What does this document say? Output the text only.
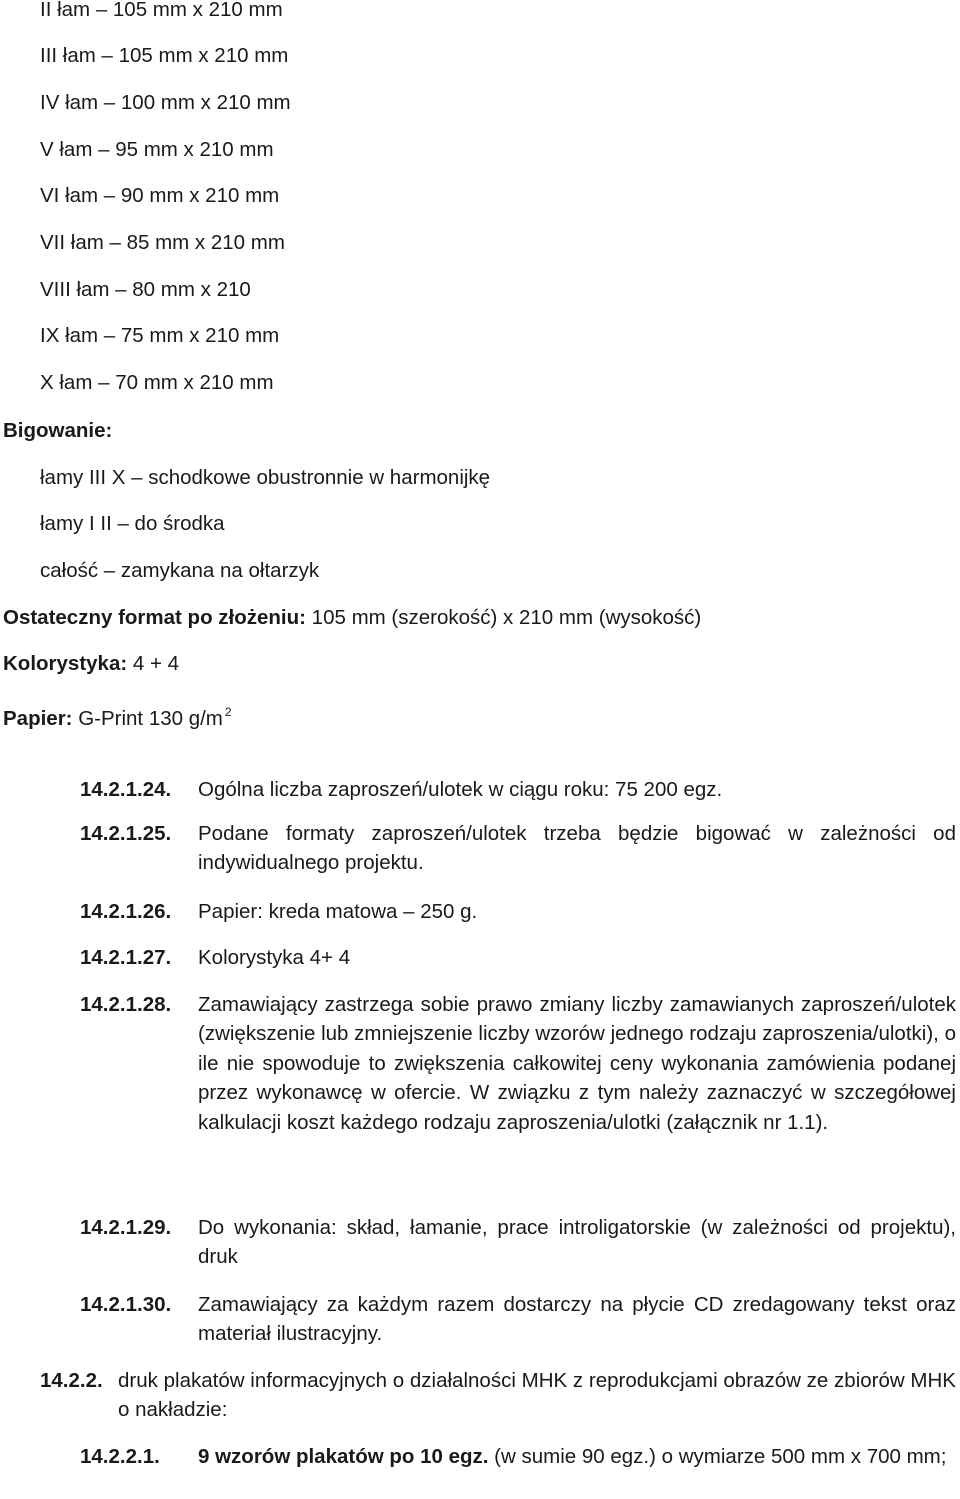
II łam – 105 mm x 210 mm
III łam – 105 mm x 210 mm
IV łam – 100 mm x 210 mm
V łam – 95 mm x 210 mm
VI łam – 90 mm x 210 mm
VII łam – 85 mm x 210 mm
VIII łam – 80 mm x 210
IX łam – 75 mm x 210 mm
X łam – 70 mm x 210 mm
Bigowanie:
łamy III X – schodkowe obustronnie w harmonijkę
łamy I II – do środka
całość – zamykana na ołtarzyk
Ostateczny format po złożeniu: 105 mm (szerokość) x 210 mm (wysokość)
Kolorystyka: 4 + 4
Papier: G-Print 130 g/m $^2$
14.2.1.24. Ogólna liczba zaproszeń/ulotek w ciągu roku: 75 200 egz.
14.2.1.25. Podane formaty zaproszeń/ulotek trzeba będzie bigować w zależności od indywidualnego projektu.
14.2.1.26. Papier: kreda matowa – 250 g.
14.2.1.27. Kolorystyka 4+ 4
14.2.1.28. Zamawiający zastrzega sobie prawo zmiany liczby zamawianych zaproszeń/ulotek (zwiększenie lub zmniejszenie liczby wzorów jednego rodzaju zaproszenia/ulotki), o ile nie spowoduje to zwiększenia całkowitej ceny wykonania zamówienia podanej przez wykonawcę w ofercie. W związku z tym należy zaznaczyć w szczegółowej kalkulacji koszt każdego rodzaju zaproszenia/ulotki (załącznik nr 1.1).
14.2.1.29. Do wykonania: skład, łamanie, prace introligatorskie (w zależności od projektu), druk
14.2.1.30. Zamawiający za każdym razem dostarczy na płycie CD zredagowany tekst oraz materiał ilustracyjny.
14.2.2. druk plakatów informacyjnych o działalności MHK z reprodukcjami obrazów ze zbiorów MHK o nakładzie:
14.2.2.1. 9 wzorów plakatów po 10 egz. (w sumie 90 egz.) o wymiarze 500 mm x 700 mm;
